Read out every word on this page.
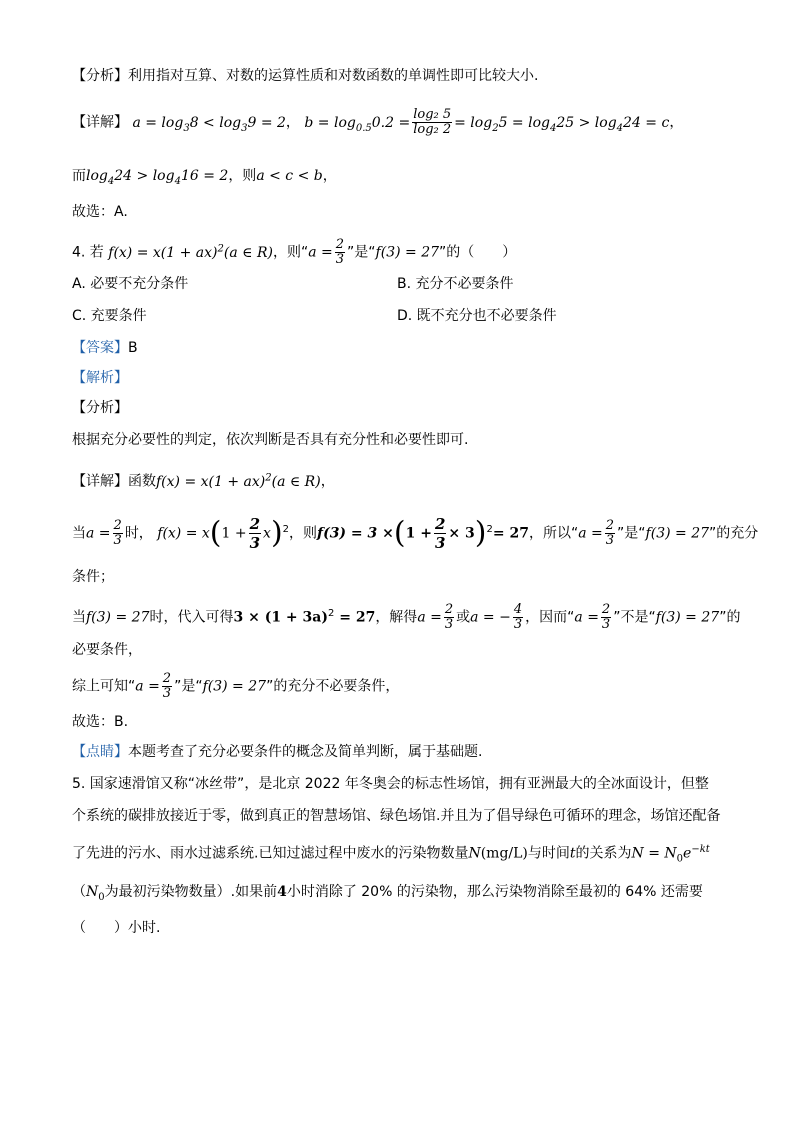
【分析】利用指对互算、对数的运算性质和对数函数的单调性即可比较大小.
【详解】 $a = \log_38 < \log_39 = 2$， $b = \log_{0.5}0.2 = \frac{\text{log₂ 5}}{\text{log₂ 2}} = \log_25 = \log_425 > \log_424 = c$，
而$\log_424 > \log_416 = 2$，则a < c < b，
故选：A.
4. 若 f(x) = x(1 + ax)$^2$(a ∈ R)，则“$a = \frac{2}{3}$ ”是“f(3) = 27”的（　　）
A. 必要不充分条件	B. 充分不必要条件
C. 充要条件	D. 既不充分也不必要条件
【答案】B
【解析】
【分析】
根据充分必要性的判定，依次判断是否具有充分性和必要性即可.
【详解】函数f(x) = x(1 + ax)$^2$(a ∈ R)，
当$a = \frac{2}{3}$ 时， $f(x) = x(1 + \frac{2}{3} x)^2$，则$f(3) = 3 \times(1 + \frac{2}{3} \times 3)^2= 27$，所以“$a = \frac{2}{3}$ ”是“f(3) = 27”的充分
条件；
当f(3) = 27时，代入可得$3 \times (1 + 3a)^2 = 27$，解得$a = \frac{2}{3}$ 或a = − $\frac{4}{3}$ ，因而“$a = \frac{2}{3}$ ”不是“f(3) = 27”的
必要条件，
综上可知“$a = \frac{2}{3}$ ”是“f(3) = 27”的充分不必要条件，
故选：B.
【点睛】本题考查了充分必要条件的概念及简单判断，属于基础题.
5. 国家速滑馆又称“冰丝带”，是北京 2022 年冬奥会的标志性场馆，拥有亚洲最大的全冰面设计，但整
个系统的碳排放接近于零，做到真正的智慧场馆、绿色场馆.并且为了倡导绿色可循环的理念，场馆还配备
了先进的污水、雨水过滤系统.已知过滤过程中废水的污染物数量N(mg/L)与时间t的关系为$N = N_0e^{-kt}$
（$N_0$为最初污染物数量）.如果前4小时消除了 20% 的污染物，那么污染物消除至最初的 64% 还需要
（　　）小时.
